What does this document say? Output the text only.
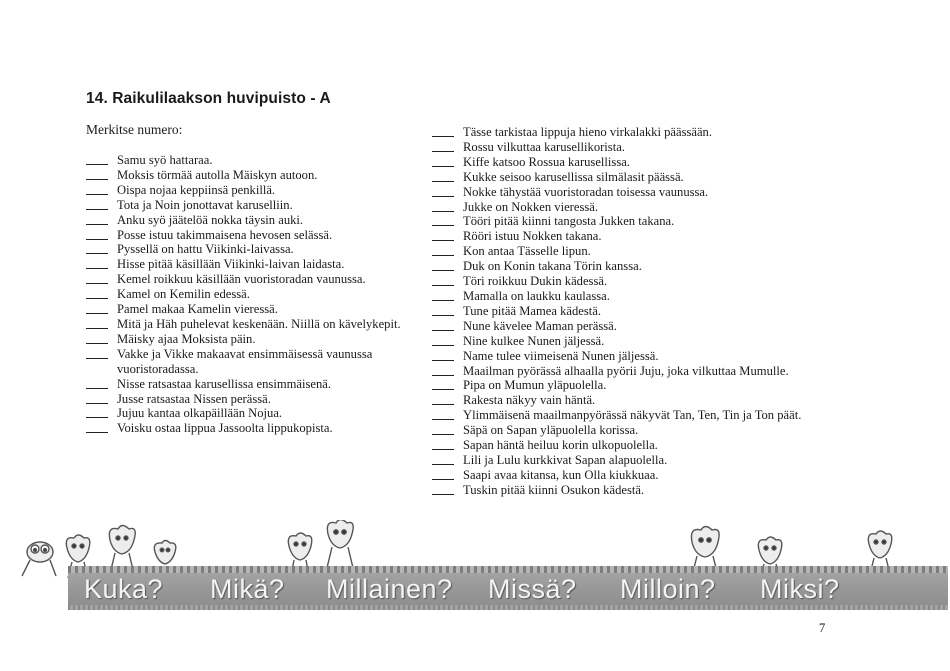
14. Raikulilaakson huvipuisto - A
Merkitse numero:
Samu syö hattaraa.
Moksis törmää autolla Mäiskyn autoon.
Oispa nojaa keppiinsä penkillä.
Tota ja Noin jonottavat karuselliin.
Anku syö jäätelöä nokka täysin auki.
Posse istuu takimmaisena hevosen selässä.
Pyssellä on hattu Viikinki-laivassa.
Hisse pitää käsillään Viikinki-laivan laidasta.
Kemel roikkuu käsillään vuoristoradan vaunussa.
Kamel on Kemilin edessä.
Pamel makaa Kamelin vieressä.
Mitä ja Häh puhelevat keskenään. Niillä on kävelykepit.
Mäisky ajaa Moksista päin.
Vakke ja Vikke makaavat ensimmäisessä vaunussa vuoristoradassa.
Nisse ratsastaa karusellissa ensimmäisenä.
Jusse ratsastaa Nissen perässä.
Jujuu kantaa olkapäillään Nojua.
Voisku ostaa lippua Jassoolta lippukopista.
Tässe tarkistaa lippuja hieno virkalakki päässään.
Rossu vilkuttaa karusellikorista.
Kiffe katsoo Rossua karusellissa.
Kukke seisoo karusellissa silmälasit päässä.
Nokke tähystää vuoristoradan toisessa vaunussa.
Jukke on Nokken vieressä.
Tööri pitää kiinni tangosta Jukken takana.
Rööri istuu Nokken takana.
Kon antaa Tässelle lipun.
Duk on Konin takana Törin kanssa.
Töri roikkuu Dukin kädessä.
Mamalla on laukku kaulassa.
Tune pitää Mamea kädestä.
Nune kävelee Maman perässä.
Nine kulkee Nunen jäljessä.
Name tulee viimeisenä Nunen jäljessä.
Maailman pyörässä alhaalla pyörii Juju, joka vilkuttaa Mumulle.
Pipa on Mumun yläpuolella.
Rakesta näkyy vain häntä.
Ylimmäisenä maailmanpyörässä näkyvät Tan, Ten, Tin ja Ton päät.
Säpä on Sapan yläpuolella korissa.
Sapan häntä heiluu korin ulkopuolella.
Lili ja Lulu kurkkivat Sapan alapuolella.
Saapi avaa kitansa, kun Olla kiukkuaa.
Tuskin pitää kiinni Osukon kädestä.
Kuka? Mikä? Millainen? Missä? Milloin? Miksi?
7
